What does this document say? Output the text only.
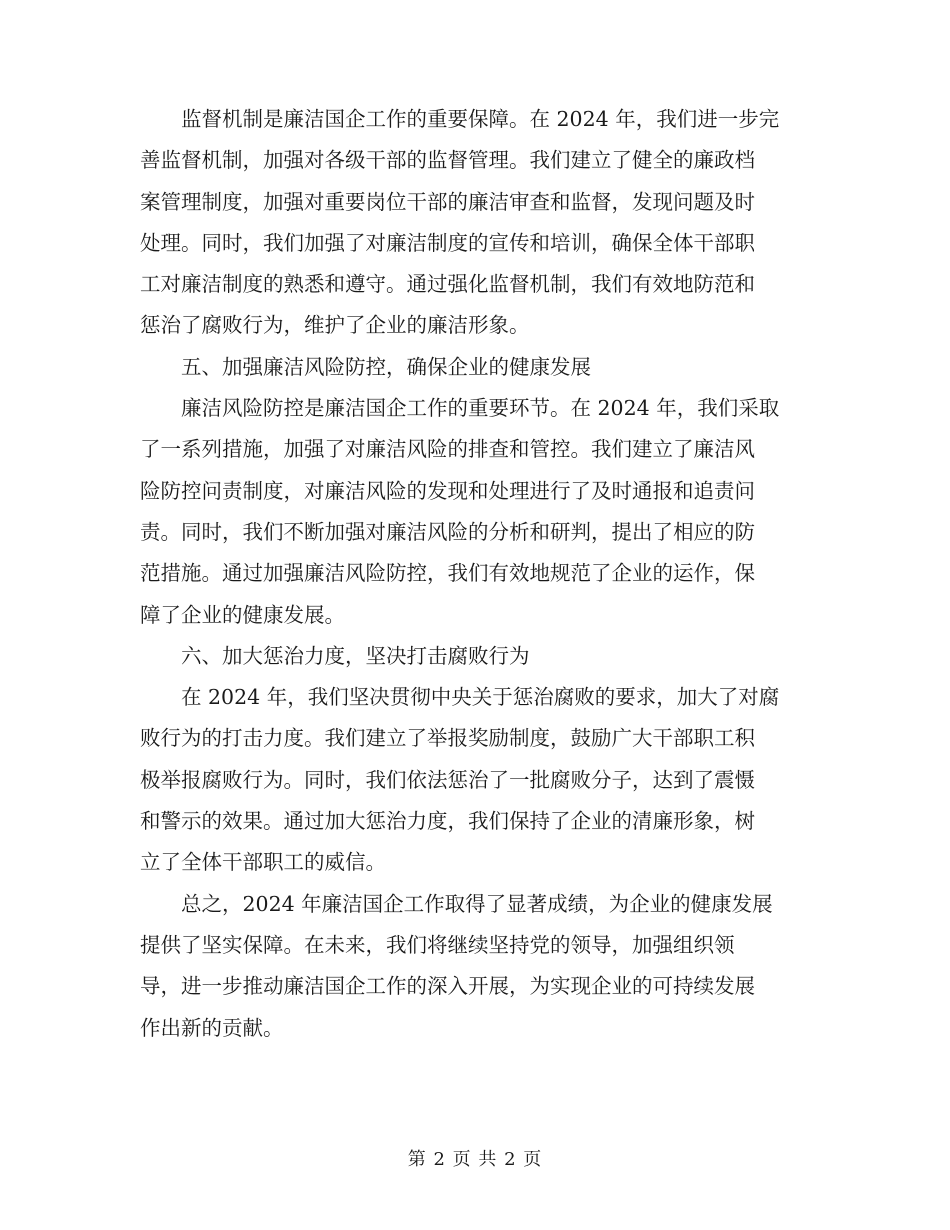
监督机制是廉洁国企工作的重要保障。在 2024 年，我们进一步完
善监督机制，加强对各级干部的监督管理。我们建立了健全的廉政档
案管理制度，加强对重要岗位干部的廉洁审查和监督，发现问题及时
处理。同时，我们加强了对廉洁制度的宣传和培训，确保全体干部职
工对廉洁制度的熟悉和遵守。通过强化监督机制，我们有效地防范和
惩治了腐败行为，维护了企业的廉洁形象。

五、加强廉洁风险防控，确保企业的健康发展

廉洁风险防控是廉洁国企工作的重要环节。在 2024 年，我们采取
了一系列措施，加强了对廉洁风险的排查和管控。我们建立了廉洁风
险防控问责制度，对廉洁风险的发现和处理进行了及时通报和追责问
责。同时，我们不断加强对廉洁风险的分析和研判，提出了相应的防
范措施。通过加强廉洁风险防控，我们有效地规范了企业的运作，保
障了企业的健康发展。

六、加大惩治力度，坚决打击腐败行为

在 2024 年，我们坚决贯彻中央关于惩治腐败的要求，加大了对腐
败行为的打击力度。我们建立了举报奖励制度，鼓励广大干部职工积
极举报腐败行为。同时，我们依法惩治了一批腐败分子，达到了震慑
和警示的效果。通过加大惩治力度，我们保持了企业的清廉形象，树
立了全体干部职工的威信。

总之，2024 年廉洁国企工作取得了显著成绩，为企业的健康发展
提供了坚实保障。在未来，我们将继续坚持党的领导，加强组织领
导，进一步推动廉洁国企工作的深入开展，为实现企业的可持续发展
作出新的贡献。

第 2 页 共 2 页
